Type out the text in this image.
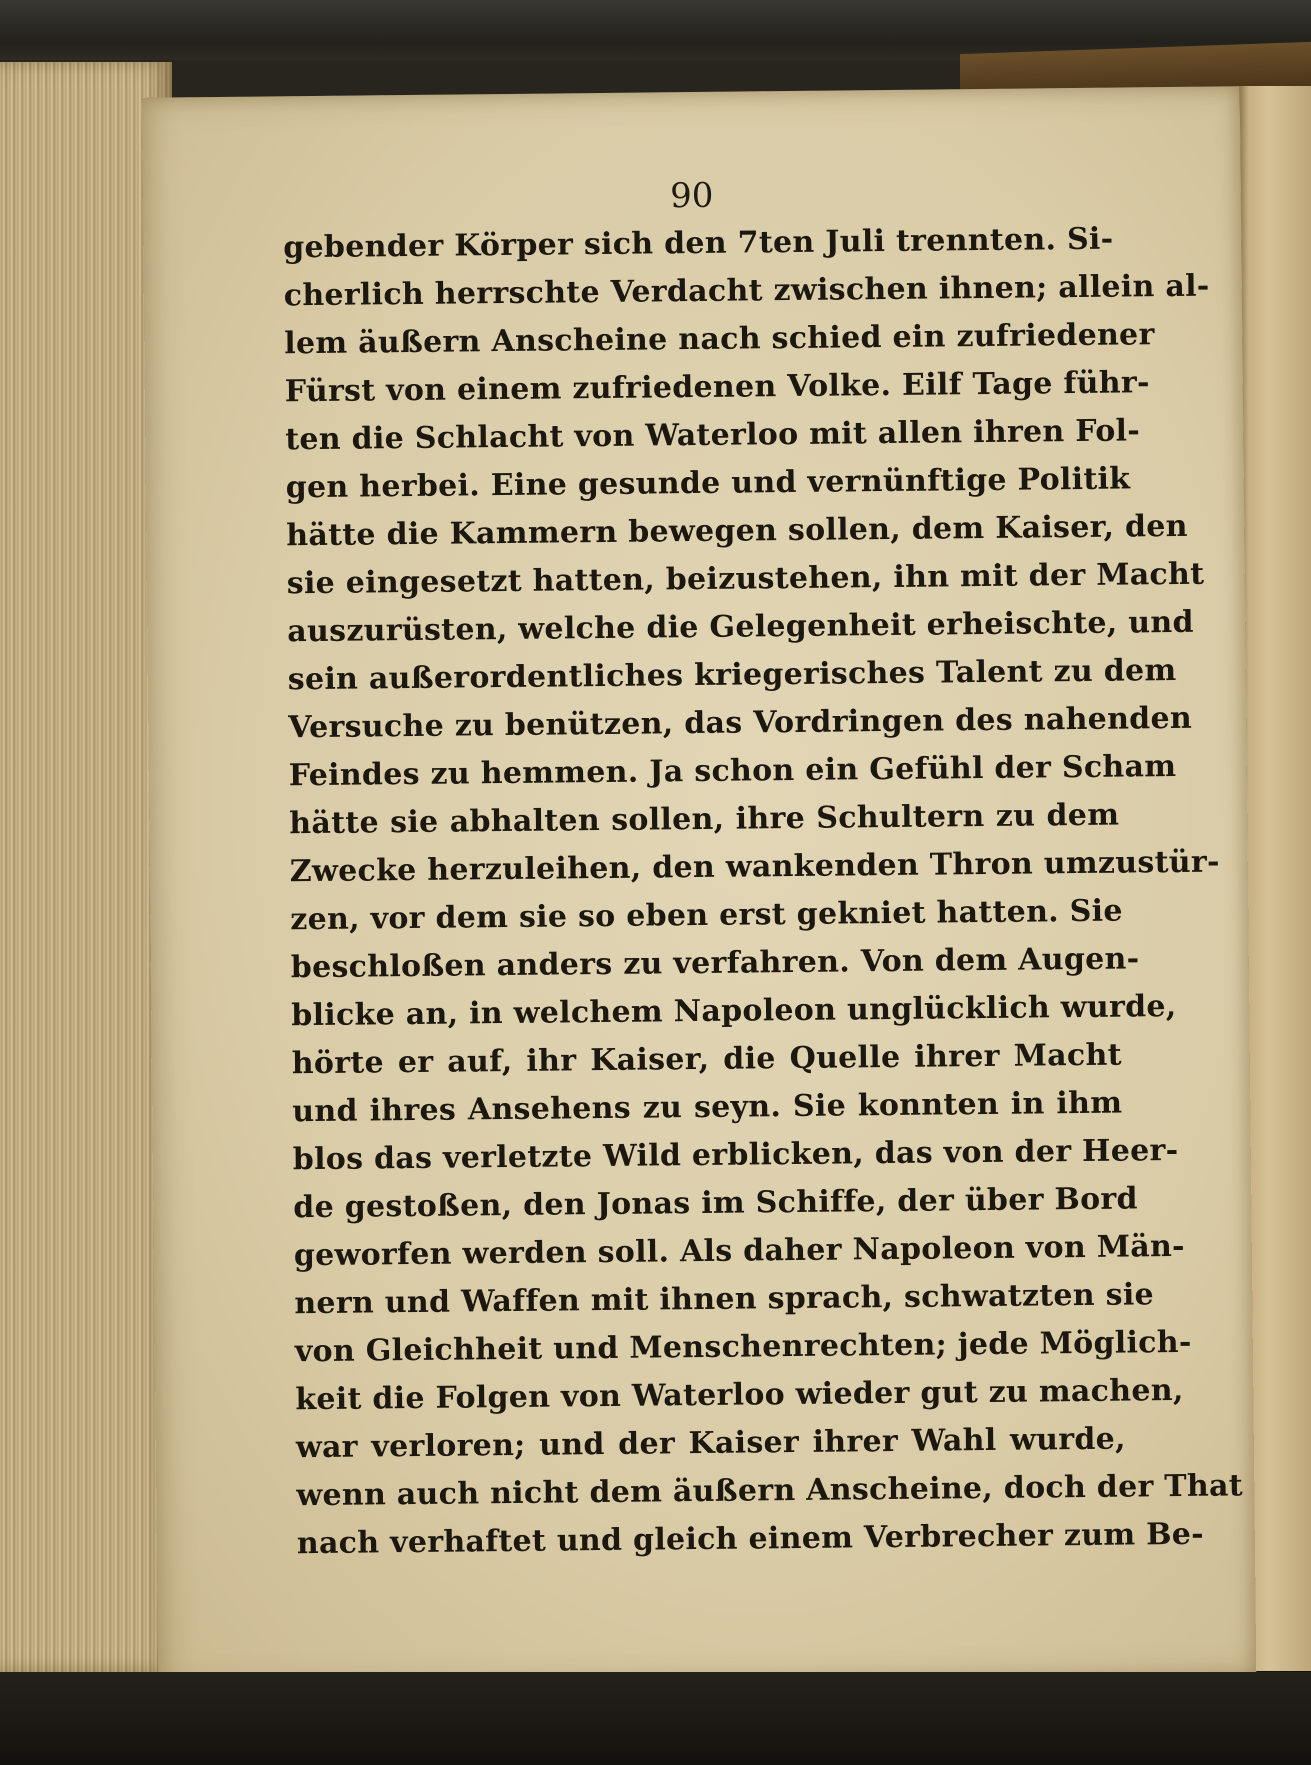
90
gebender Körper sich den 7ten Juli trennten. Si-
cherlich herrschte Verdacht zwischen ihnen; allein al-
lem äußern Anscheine nach schied ein zufriedener
Fürst von einem zufriedenen Volke. Eilf Tage führ-
ten die Schlacht von Waterloo mit allen ihren Fol-
gen herbei. Eine gesunde und vernünftige Politik
hätte die Kammern bewegen sollen, dem Kaiser, den
sie eingesetzt hatten, beizustehen, ihn mit der Macht
auszurüsten, welche die Gelegenheit erheischte, und
sein außerordentliches kriegerisches Talent zu dem
Versuche zu benützen, das Vordringen des nahenden
Feindes zu hemmen. Ja schon ein Gefühl der Scham
hätte sie abhalten sollen, ihre Schultern zu dem
Zwecke herzuleihen, den wankenden Thron umzustür-
zen, vor dem sie so eben erst gekniet hatten. Sie
beschloßen anders zu verfahren. Von dem Augen-
blicke an, in welchem Napoleon unglücklich wurde,
hörte er auf, ihr Kaiser, die Quelle ihrer Macht
und ihres Ansehens zu seyn. Sie konnten in ihm
blos das verletzte Wild erblicken, das von der Heer-
de gestoßen, den Jonas im Schiffe, der über Bord
geworfen werden soll. Als daher Napoleon von Män-
nern und Waffen mit ihnen sprach, schwatzten sie
von Gleichheit und Menschenrechten; jede Möglich-
keit die Folgen von Waterloo wieder gut zu machen,
war verloren; und der Kaiser ihrer Wahl wurde,
wenn auch nicht dem äußern Anscheine, doch der That
nach verhaftet und gleich einem Verbrecher zum Be-
